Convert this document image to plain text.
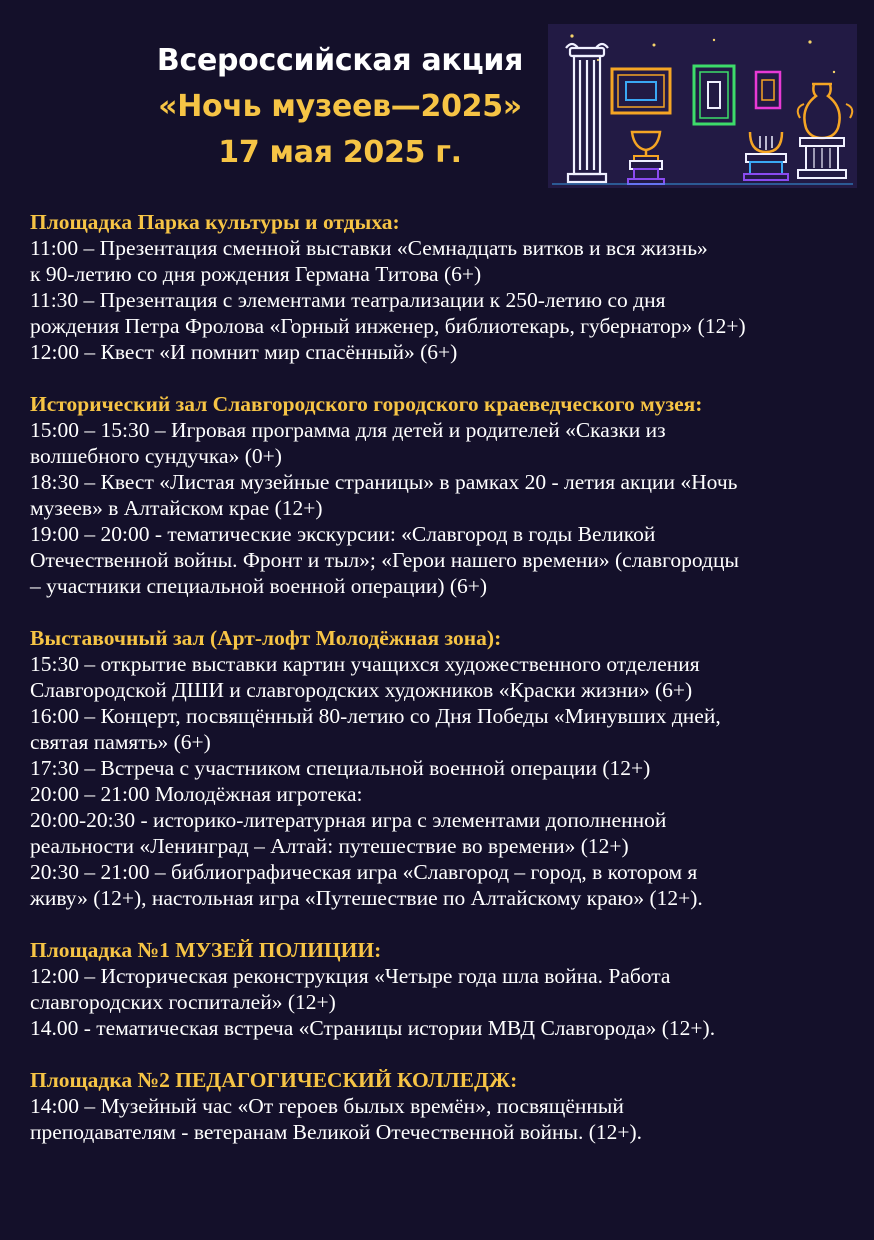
Всероссийская акция
«Ночь музеев—2025»
17 мая 2025 г.
Площадка Парка культуры и отдыха:
11:00 – Презентация сменной выставки «Семнадцать витков и вся жизнь»
к 90-летию со дня рождения Германа Титова (6+)
11:30 – Презентация с элементами театрализации к 250-летию со дня
рождения Петра Фролова «Горный инженер, библиотекарь, губернатор» (12+)
12:00 – Квест «И помнит мир спасённый» (6+)
Исторический зал Славгородского городского краеведческого музея:
15:00 – 15:30 – Игровая программа для детей и родителей «Сказки из
волшебного сундучка» (0+)
18:30 – Квест «Листая музейные страницы» в рамках 20 - летия акции «Ночь
музеев» в Алтайском крае (12+)
19:00 – 20:00 - тематические экскурсии: «Славгород в годы Великой
Отечественной войны. Фронт и тыл»; «Герои нашего времени» (славгородцы
– участники специальной военной операции) (6+)
Выставочный зал (Арт-лофт Молодёжная зона):
15:30 – открытие выставки картин учащихся художественного отделения
Славгородской ДШИ и славгородских художников «Краски жизни» (6+)
16:00 – Концерт, посвящённый 80-летию со Дня Победы «Минувших дней,
святая память» (6+)
17:30 – Встреча с участником специальной военной операции (12+)
20:00 – 21:00 Молодёжная игротека:
20:00-20:30 - историко-литературная игра с элементами дополненной
реальности «Ленинград – Алтай: путешествие во времени» (12+)
20:30 – 21:00 – библиографическая игра «Славгород – город, в котором я
живу» (12+), настольная игра «Путешествие по Алтайскому краю» (12+).
Площадка №1 МУЗЕЙ ПОЛИЦИИ:
12:00 – Историческая реконструкция «Четыре года шла война. Работа
славгородских госпиталей» (12+)
14.00 - тематическая встреча «Страницы истории МВД Славгорода» (12+).
Площадка №2 ПЕДАГОГИЧЕСКИЙ КОЛЛЕДЖ:
14:00 – Музейный час «От героев былых времён», посвящённый
преподавателям - ветеранам Великой Отечественной войны. (12+).
